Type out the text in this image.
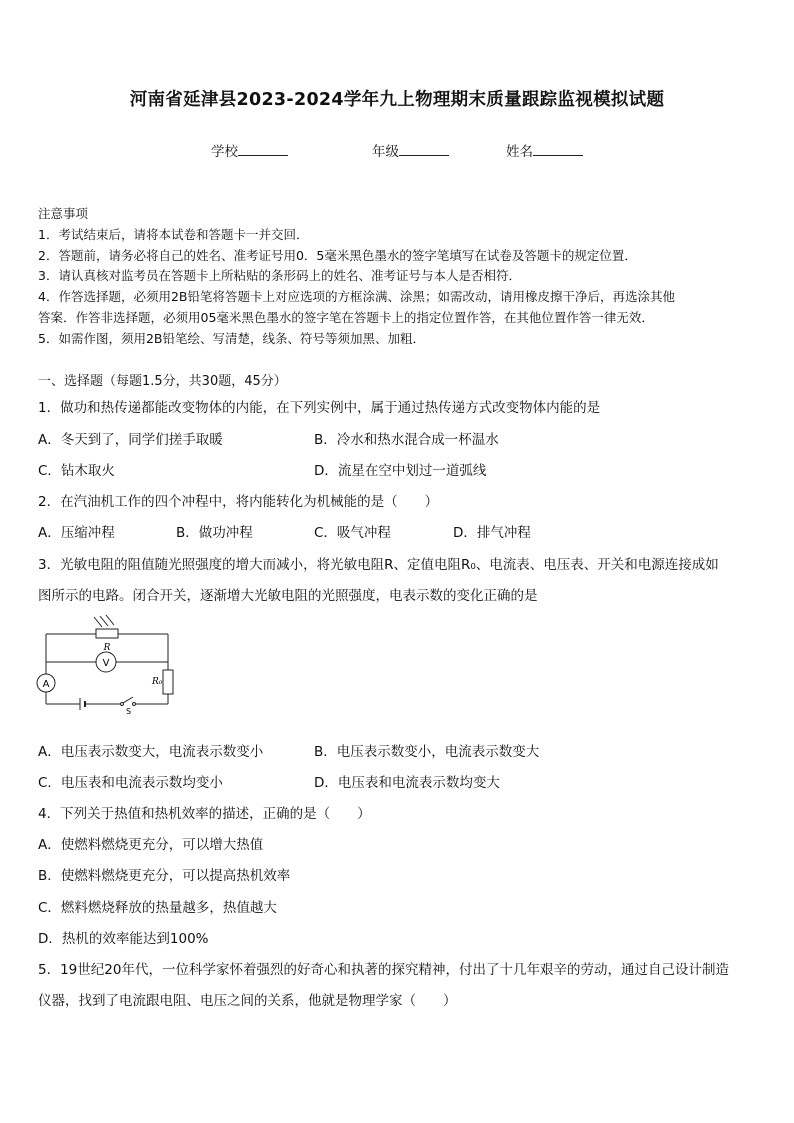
河南省延津县2023-2024学年九上物理期末质量跟踪监视模拟试题
学校	年级	姓名
注意事项
1．考试结束后，请将本试卷和答题卡一并交回．
2．答题前，请务必将自己的姓名、准考证号用0．5毫米黑色墨水的签字笔填写在试卷及答题卡的规定位置．
3．请认真核对监考员在答题卡上所粘贴的条形码上的姓名、准考证号与本人是否相符．
4．作答选择题，必须用2B铅笔将答题卡上对应选项的方框涂满、涂黑；如需改动，请用橡皮擦干净后，再选涂其他
答案．作答非选择题，必须用05毫米黑色墨水的签字笔在答题卡上的指定位置作答，在其他位置作答一律无效．
5．如需作图，须用2B铅笔绘、写清楚，线条、符号等须加黑、加粗．
一、选择题（每题1.5分，共30题，45分）
1．做功和热传递都能改变物体的内能，在下列实例中，属于通过热传递方式改变物体内能的是
A．冬天到了，同学们搓手取暖	B．冷水和热水混合成一杯温水
C．钻木取火	D．流星在空中划过一道弧线
2．在汽油机工作的四个冲程中，将内能转化为机械能的是（　　）
A．压缩冲程	B．做功冲程	C．吸气冲程	D．排气冲程
3．光敏电阻的阻值随光照强度的增大而减小，将光敏电阻R、定值电阻R₀、电流表、电压表、开关和电源连接成如
图所示的电路。闭合开关，逐渐增大光敏电阻的光照强度，电表示数的变化正确的是
R
V
A	R₀
S
A．电压表示数变大，电流表示数变小	B．电压表示数变小，电流表示数变大
C．电压表和电流表示数均变小	D．电压表和电流表示数均变大
4．下列关于热值和热机效率的描述，正确的是（　　）
A．使燃料燃烧更充分，可以增大热值
B．使燃料燃烧更充分，可以提高热机效率
C．燃料燃烧释放的热量越多，热值越大
D．热机的效率能达到100%
5．19世纪20年代，一位科学家怀着强烈的好奇心和执著的探究精神，付出了十几年艰辛的劳动，通过自己设计制造
仪器，找到了电流跟电阻、电压之间的关系，他就是物理学家（　　）
